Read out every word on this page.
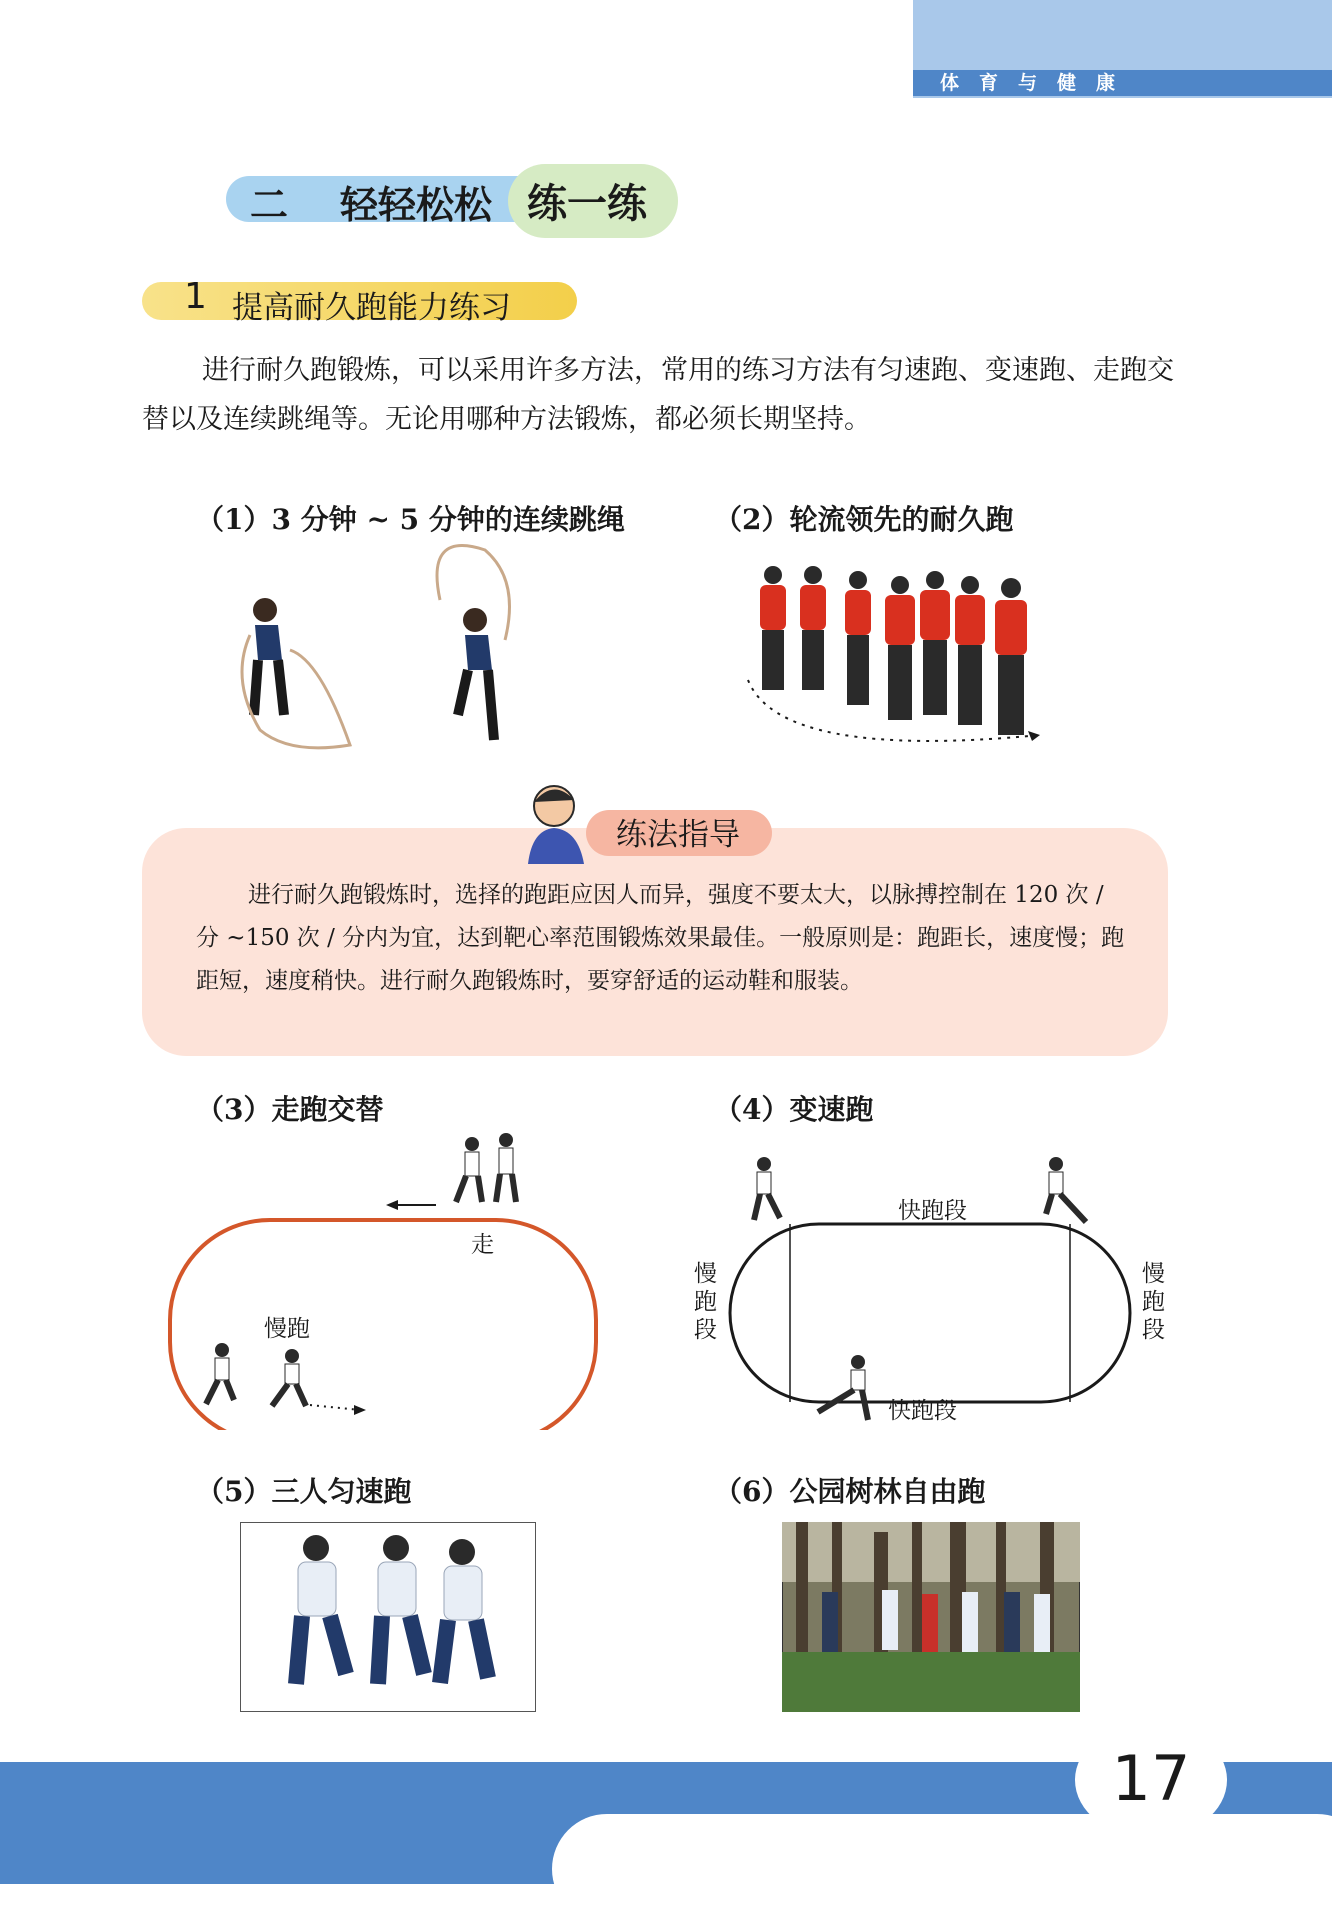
体育与健康
二 轻轻松松 练一练
1 提高耐久跑能力练习
进行耐久跑锻炼，可以采用许多方法，常用的练习方法有匀速跑、变速跑、走跑交替以及连续跳绳等。无论用哪种方法锻炼，都必须长期坚持。
（1）3 分钟 ~ 5 分钟的连续跳绳	（2）轮流领先的耐久跑
练法指导
进行耐久跑锻炼时，选择的跑距应因人而异，强度不要太大，以脉搏控制在 120 次 / 分 ~150 次 / 分内为宜，达到靶心率范围锻炼效果最佳。一般原则是：跑距长，速度慢；跑距短，速度稍快。进行耐久跑锻炼时，要穿舒适的运动鞋和服装。
（3）走跑交替	（4）变速跑
走
慢跑
快跑段
快跑段
慢跑段
慢跑段
（5）三人匀速跑	（6）公园树林自由跑
17
